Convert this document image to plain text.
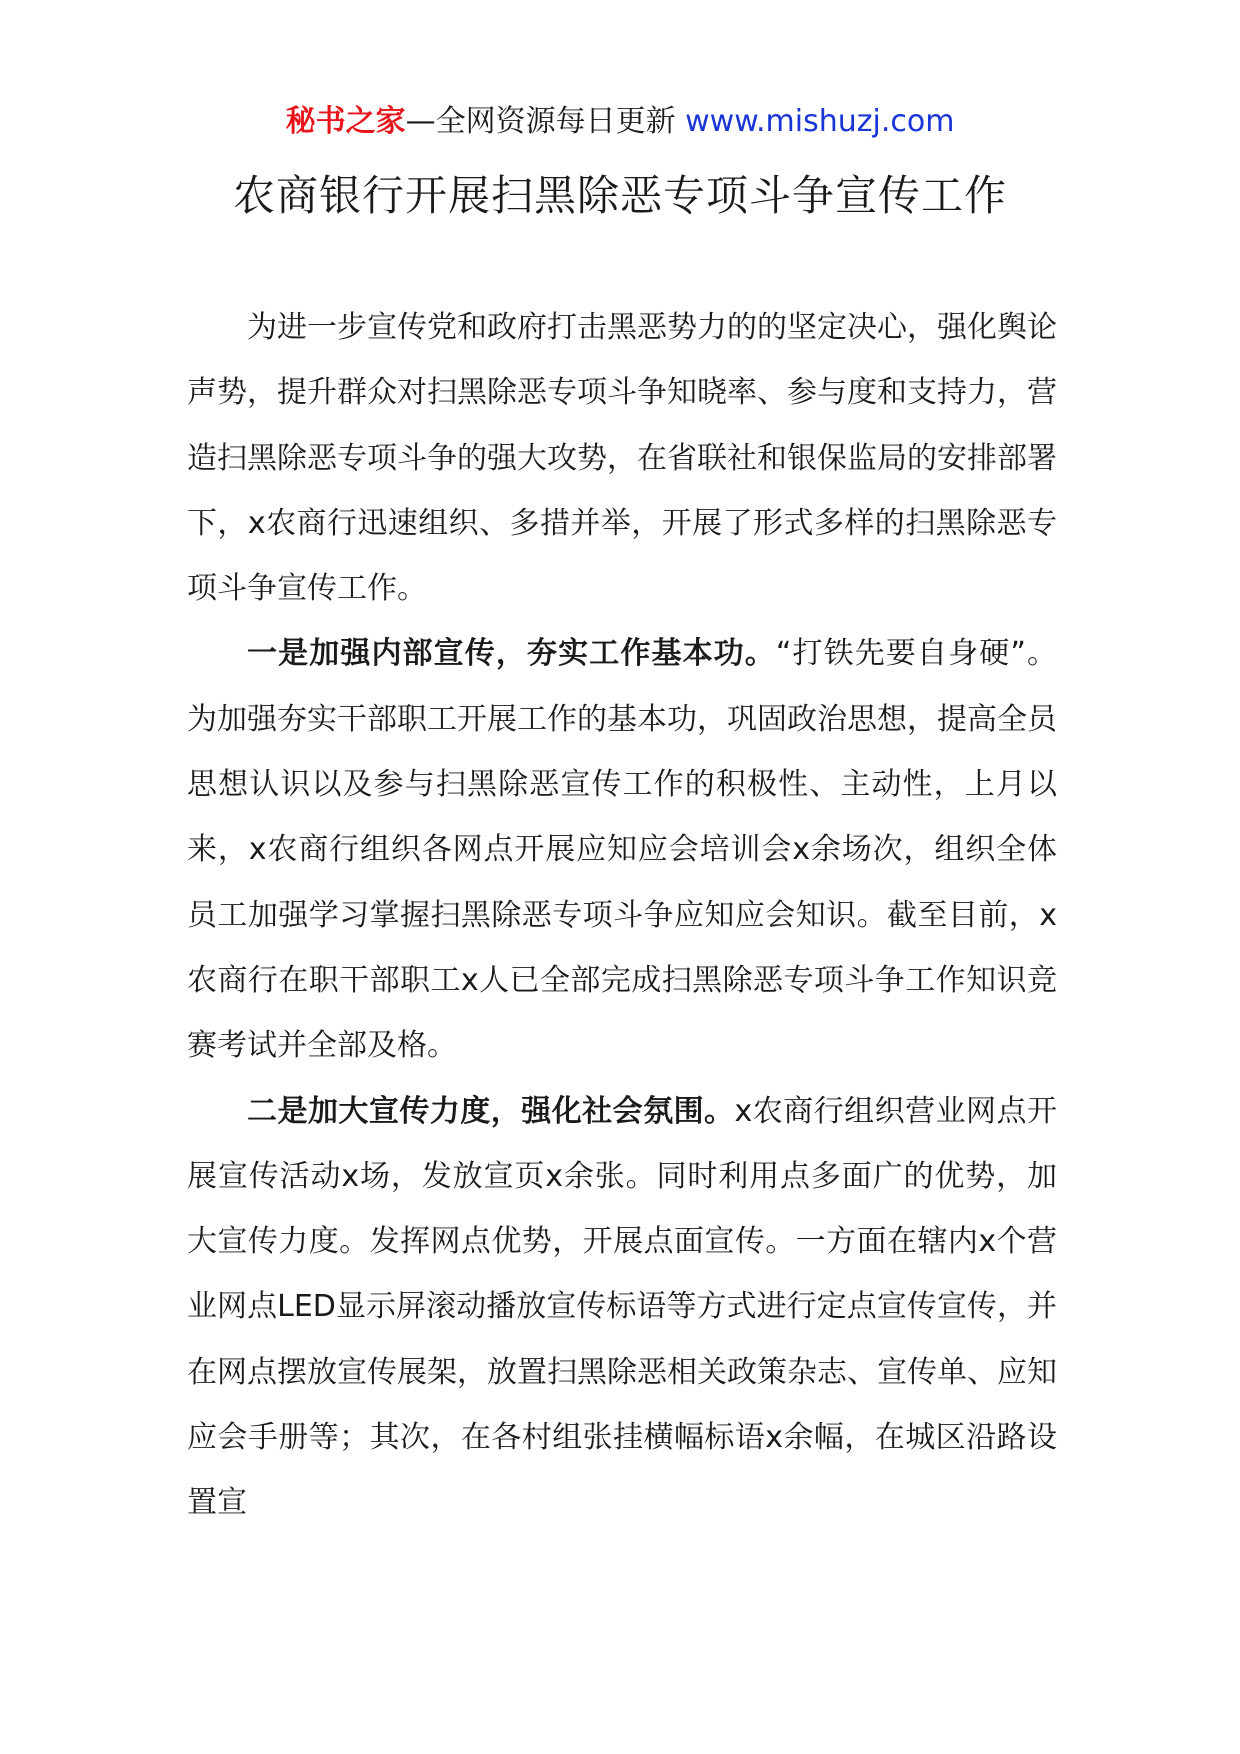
秘书之家—全网资源每日更新 www.mishuzj.com
农商银行开展扫黑除恶专项斗争宣传工作

为进一步宣传党和政府打击黑恶势力的的坚定决心，强化舆论声势，提升群众对扫黑除恶专项斗争知晓率、参与度和支持力，营造扫黑除恶专项斗争的强大攻势，在省联社和银保监局的安排部署下，x农商行迅速组织、多措并举，开展了形式多样的扫黑除恶专项斗争宣传工作。

一是加强内部宣传，夯实工作基本功。“打铁先要自身硬”。为加强夯实干部职工开展工作的基本功，巩固政治思想，提高全员思想认识以及参与扫黑除恶宣传工作的积极性、主动性，上月以来，x农商行组织各网点开展应知应会培训会x余场次，组织全体员工加强学习掌握扫黑除恶专项斗争应知应会知识。截至目前，x农商行在职干部职工x人已全部完成扫黑除恶专项斗争工作知识竞赛考试并全部及格。

二是加大宣传力度，强化社会氛围。x农商行组织营业网点开展宣传活动x场，发放宣页x余张。同时利用点多面广的优势，加大宣传力度。发挥网点优势，开展点面宣传。一方面在辖内x个营业网点LED显示屏滚动播放宣传标语等方式进行定点宣传宣传，并在网点摆放宣传展架，放置扫黑除恶相关政策杂志、宣传单、应知应会手册等；其次，在各村组张挂横幅标语x余幅，在城区沿路设置宣
